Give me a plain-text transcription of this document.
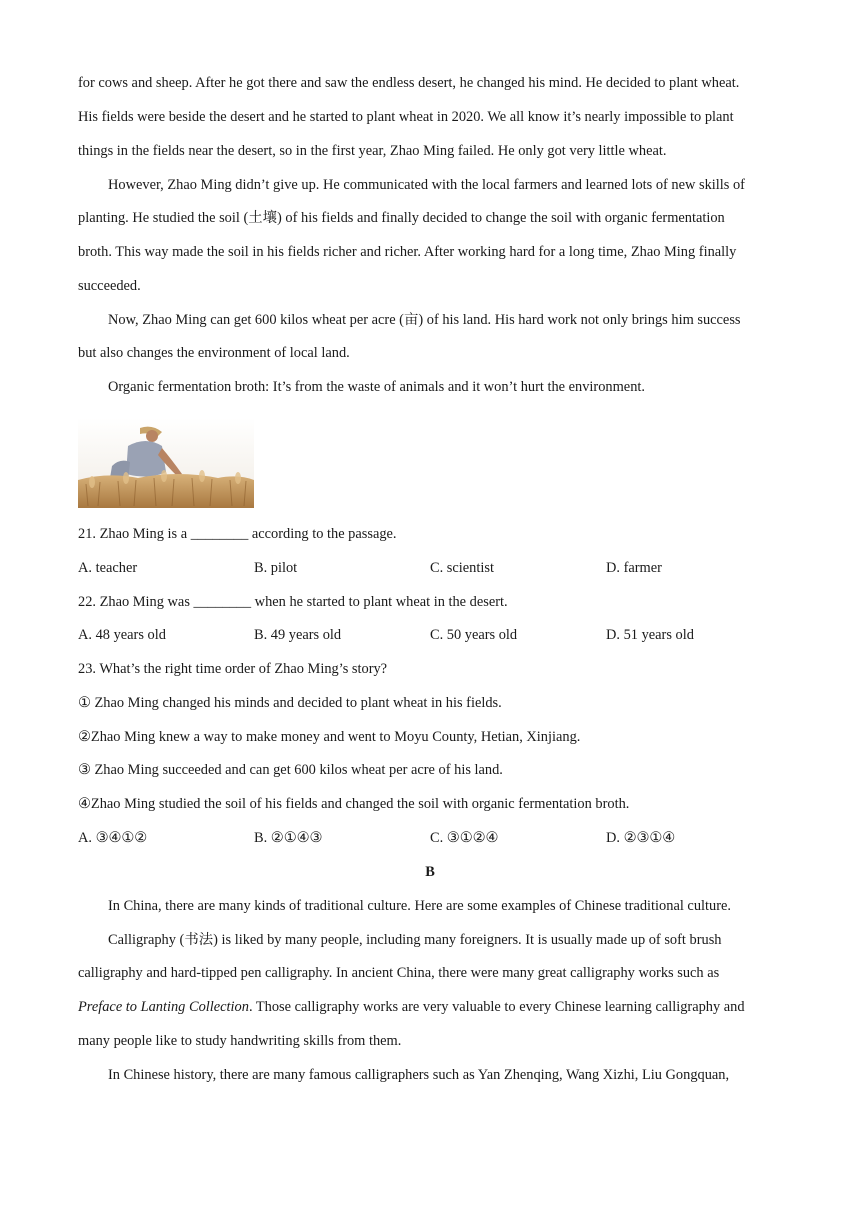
for cows and sheep. After he got there and saw the endless desert, he changed his mind. He decided to plant wheat.
His fields were beside the desert and he started to plant wheat in 2020. We all know it’s nearly impossible to plant
things in the fields near the desert, so in the first year, Zhao Ming failed. He only got very little wheat.
However, Zhao Ming didn’t give up. He communicated with the local farmers and learned lots of new skills of
planting. He studied the soil (土壤) of his fields and finally decided to change the soil with organic fermentation
broth. This way made the soil in his fields richer and richer. After working hard for a long time, Zhao Ming finally
succeeded.
Now, Zhao Ming can get 600 kilos wheat per acre (亩) of his land. His hard work not only brings him success
but also changes the environment of local land.
Organic fermentation broth: It’s from the waste of animals and it won’t hurt the environment.
21. Zhao Ming is a ________ according to the passage.
A. teacher	B. pilot	C. scientist	D. farmer
22. Zhao Ming was ________ when he started to plant wheat in the desert.
A. 48 years old	B. 49 years old	C. 50 years old	D. 51 years old
23. What’s the right time order of Zhao Ming’s story?
① Zhao Ming changed his minds and decided to plant wheat in his fields.
②Zhao Ming knew a way to make money and went to Moyu County, Hetian, Xinjiang.
③ Zhao Ming succeeded and can get 600 kilos wheat per acre of his land.
④Zhao Ming studied the soil of his fields and changed the soil with organic fermentation broth.
A. ③④①②	B. ②①④③	C. ③①②④	D. ②③①④
B
In China, there are many kinds of traditional culture. Here are some examples of Chinese traditional culture.
Calligraphy (书法) is liked by many people, including many foreigners. It is usually made up of soft brush
calligraphy and hard-tipped pen calligraphy. In ancient China, there were many great calligraphy works such as
Preface to Lanting Collection. Those calligraphy works are very valuable to every Chinese learning calligraphy and
many people like to study handwriting skills from them.
In Chinese history, there are many famous calligraphers such as Yan Zhenqing, Wang Xizhi, Liu Gongquan,
